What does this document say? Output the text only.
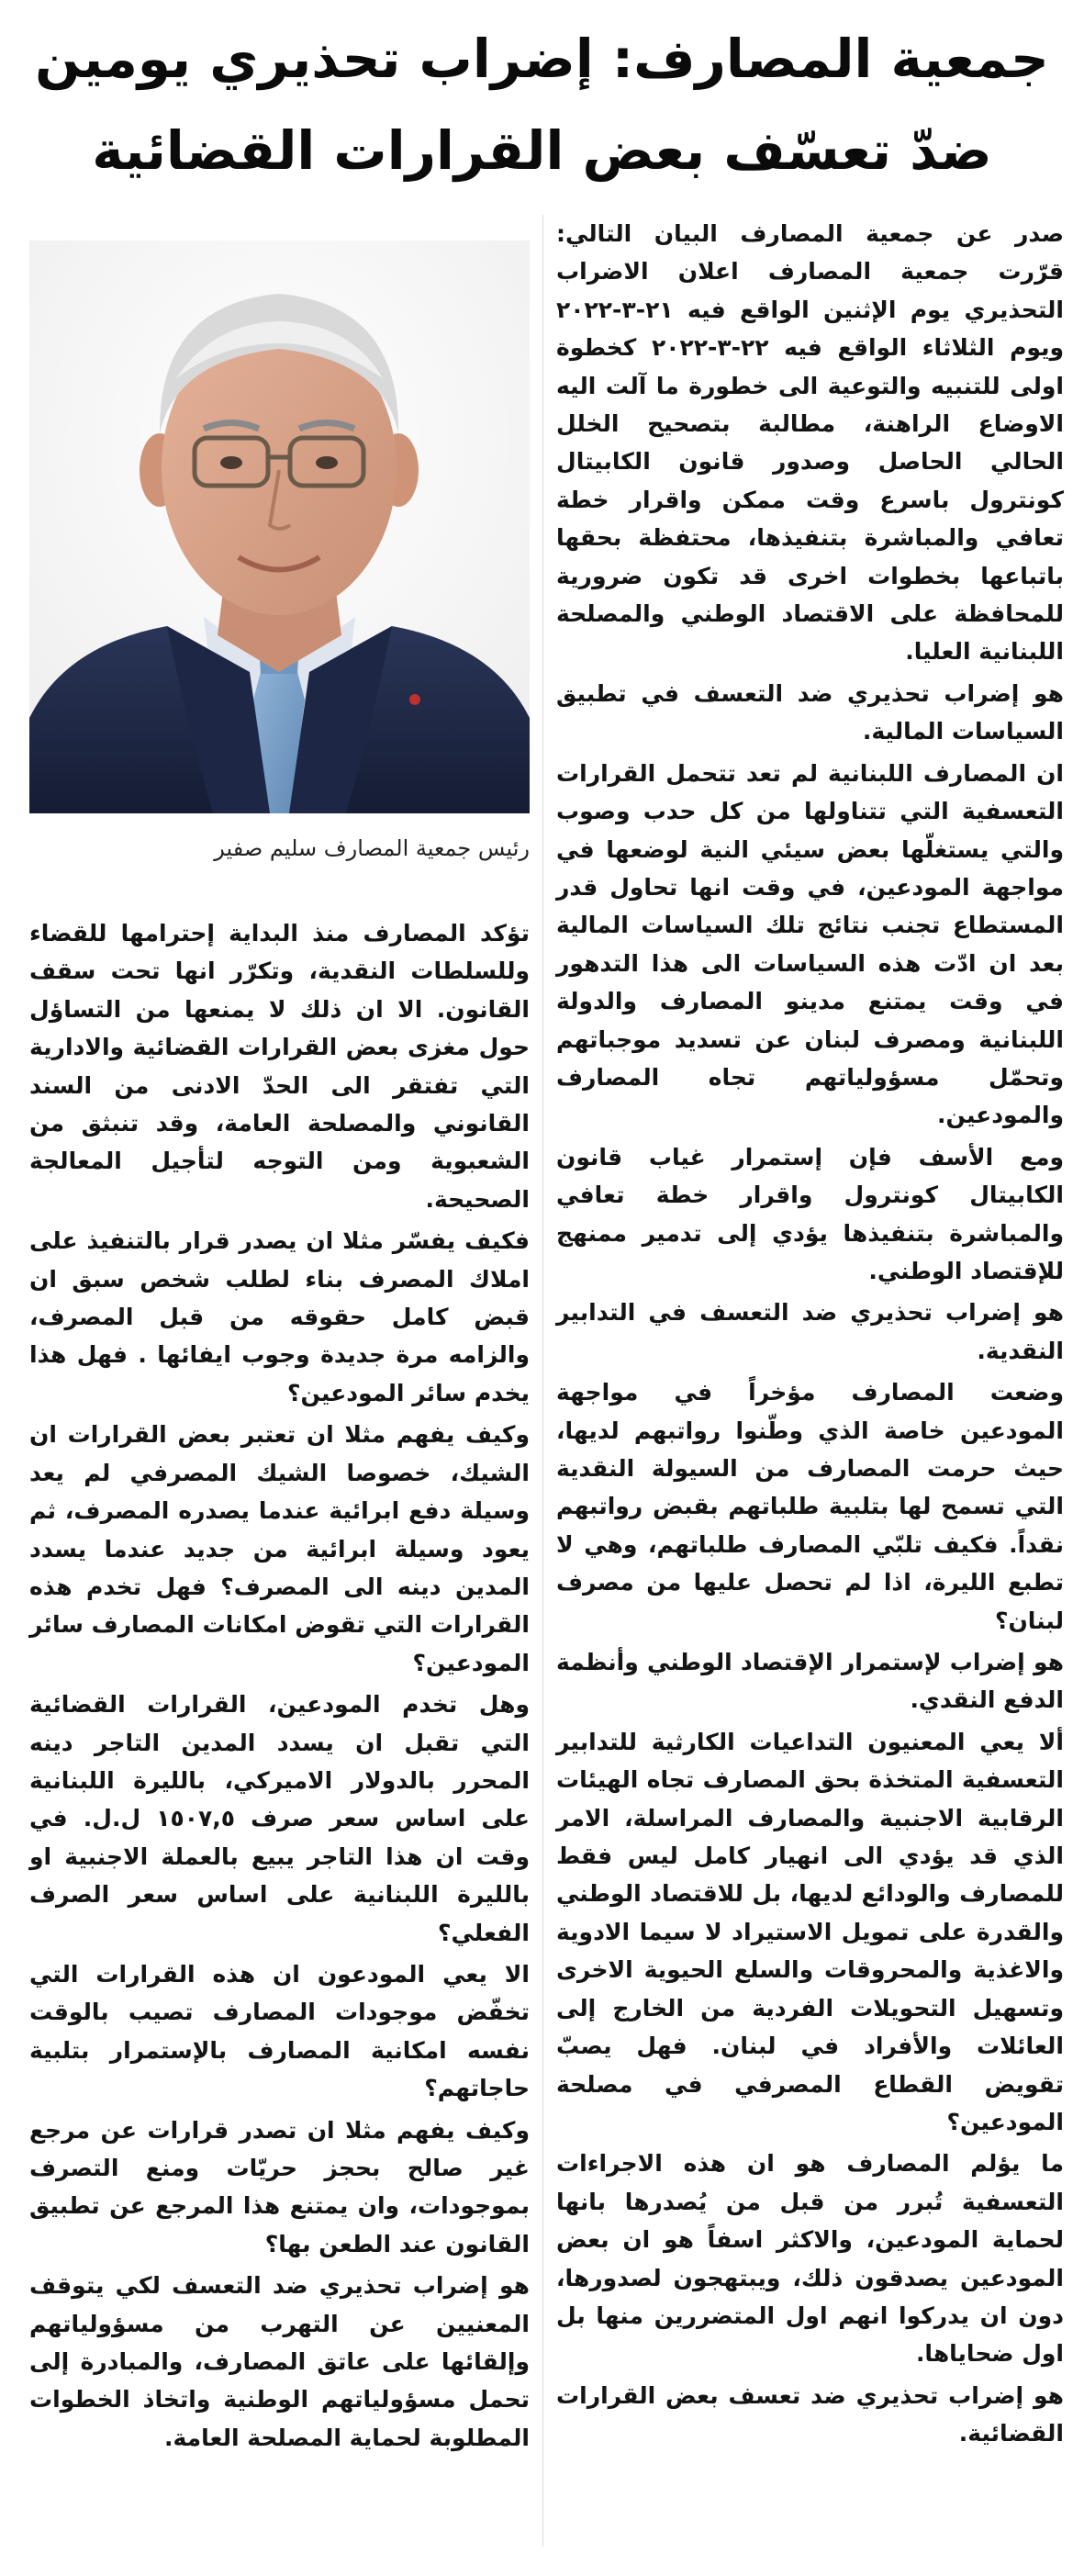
جمعية المصارف: إضراب تحذيري يومين
ضدّ تعسّف بعض القرارات القضائية

صدر عن جمعية المصارف البيان التالي: قرّرت جمعية المصارف اعلان الاضراب التحذيري يوم الإثنين الواقع فيه ٢١-٣-٢٠٢٢ ويوم الثلاثاء الواقع فيه ٢٢-٣-٢٠٢٢ كخطوة اولى للتنبيه والتوعية الى خطورة ما آلت اليه الاوضاع الراهنة، مطالبة بتصحيح الخلل الحالي الحاصل وصدور قانون الكابيتال كونترول باسرع وقت ممكن واقرار خطة تعافي والمباشرة بتنفيذها، محتفظة بحقها باتباعها بخطوات اخرى قد تكون ضرورية للمحافظة على الاقتصاد الوطني والمصلحة اللبنانية العليا.

هو إضراب تحذيري ضد التعسف في تطبيق السياسات المالية.

ان المصارف اللبنانية لم تعد تتحمل القرارات التعسفية التي تتناولها من كل حدب وصوب والتي يستغلّها بعض سيئي النية لوضعها في مواجهة المودعين، في وقت انها تحاول قدر المستطاع تجنب نتائج تلك السياسات المالية بعد ان ادّت هذه السياسات الى هذا التدهور في وقت يمتنع مدينو المصارف والدولة اللبنانية ومصرف لبنان عن تسديد موجباتهم وتحمّل مسؤولياتهم تجاه المصارف والمودعين.

ومع الأسف فإن إستمرار غياب قانون الكابيتال كونترول واقرار خطة تعافي والمباشرة بتنفيذها يؤدي إلى تدمير ممنهج للإقتصاد الوطني.

هو إضراب تحذيري ضد التعسف في التدابير النقدية.

وضعت المصارف مؤخراً في مواجهة المودعين خاصة الذي وطّنوا رواتبهم لديها، حيث حرمت المصارف من السيولة النقدية التي تسمح لها بتلبية طلباتهم بقبض رواتبهم نقداً. فكيف تلبّي المصارف طلباتهم، وهي لا تطبع الليرة، اذا لم تحصل عليها من مصرف لبنان؟

هو إضراب لإستمرار الإقتصاد الوطني وأنظمة الدفع النقدي.

ألا يعي المعنيون التداعيات الكارثية للتدابير التعسفية المتخذة بحق المصارف تجاه الهيئات الرقابية الاجنبية والمصارف المراسلة، الامر الذي قد يؤدي الى انهيار كامل ليس فقط للمصارف والودائع لديها، بل للاقتصاد الوطني والقدرة على تمويل الاستيراد لا سيما الادوية والاغذية والمحروقات والسلع الحيوية الاخرى وتسهيل التحويلات الفردية من الخارج إلى العائلات والأفراد في لبنان. فهل يصبّ تقويض القطاع المصرفي في مصلحة المودعين؟

ما يؤلم المصارف هو ان هذه الاجراءات التعسفية تُبرر من قبل من يُصدرها بانها لحماية المودعين، والاكثر اسفاً هو ان بعض المودعين يصدقون ذلك، ويبتهجون لصدورها، دون ان يدركوا انهم اول المتضررين منها بل اول ضحاياها.

هو إضراب تحذيري ضد تعسف بعض القرارات القضائية.

رئيس جمعية المصارف سليم صفير

تؤكد المصارف منذ البداية إحترامها للقضاء وللسلطات النقدية، وتكرّر انها تحت سقف القانون. الا ان ذلك لا يمنعها من التساؤل حول مغزى بعض القرارات القضائية والادارية التي تفتقر الى الحدّ الادنى من السند القانوني والمصلحة العامة، وقد تنبثق من الشعبوية ومن التوجه لتأجيل المعالجة الصحيحة.

فكيف يفسّر مثلا ان يصدر قرار بالتنفيذ على املاك المصرف بناء لطلب شخص سبق ان قبض كامل حقوقه من قبل المصرف، والزامه مرة جديدة وجوب ايفائها . فهل هذا يخدم سائر المودعين؟

وكيف يفهم مثلا ان تعتبر بعض القرارات ان الشيك، خصوصا الشيك المصرفي لم يعد وسيلة دفع ابرائية عندما يصدره المصرف، ثم يعود وسيلة ابرائية من جديد عندما يسدد المدين دينه الى المصرف؟ فهل تخدم هذه القرارات التي تقوض امكانات المصارف سائر المودعين؟

وهل تخدم المودعين، القرارات القضائية التي تقبل ان يسدد المدين التاجر دينه المحرر بالدولار الاميركي، بالليرة اللبنانية على اساس سعر صرف ١٥٠٧,٥ ل.ل. في وقت ان هذا التاجر يبيع بالعملة الاجنبية او بالليرة اللبنانية على اساس سعر الصرف الفعلي؟

الا يعي المودعون ان هذه القرارات التي تخفّض موجودات المصارف تصيب بالوقت نفسه امكانية المصارف بالإستمرار بتلبية حاجاتهم؟

وكيف يفهم مثلا ان تصدر قرارات عن مرجع غير صالح بحجز حريّات ومنع التصرف بموجودات، وان يمتنع هذا المرجع عن تطبيق القانون عند الطعن بها؟

هو إضراب تحذيري ضد التعسف لكي يتوقف المعنيين عن التهرب من مسؤولياتهم وإلقائها على عاتق المصارف، والمبادرة إلى تحمل مسؤولياتهم الوطنية واتخاذ الخطوات المطلوبة لحماية المصلحة العامة.
